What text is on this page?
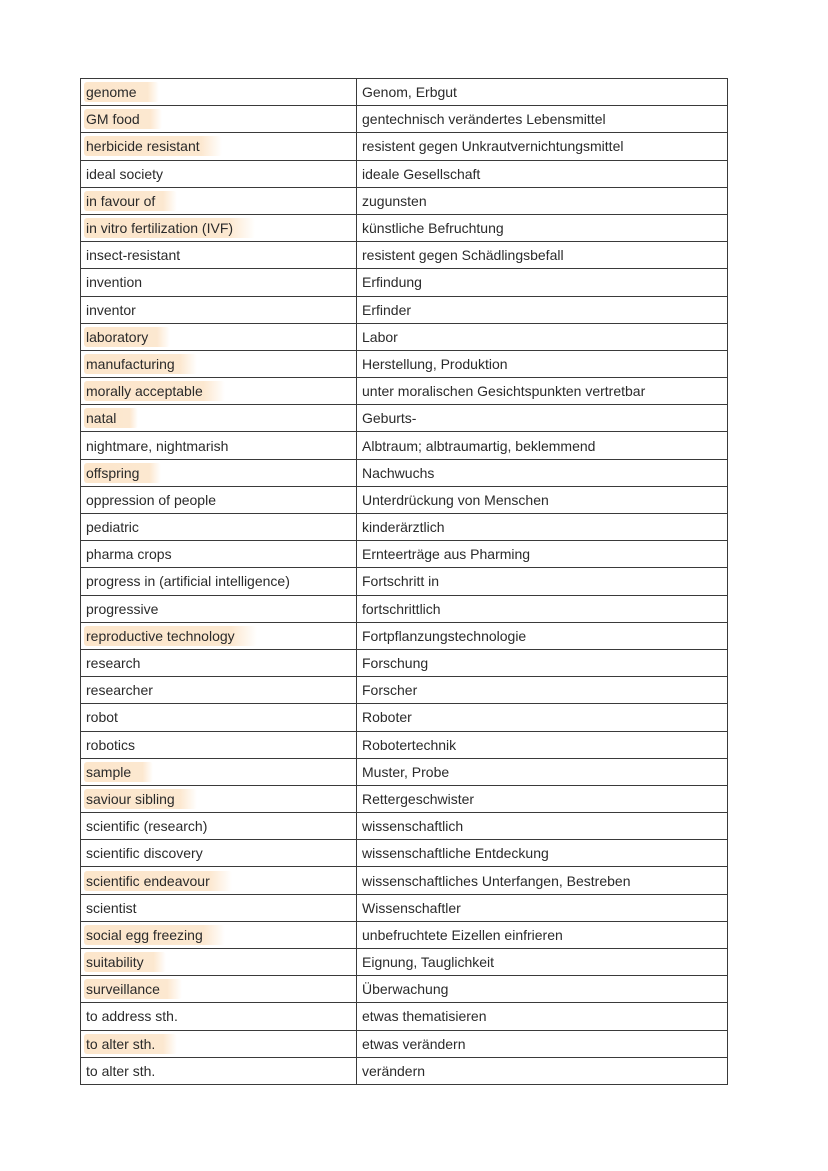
genome	Genom, Erbgut
GM food	gentechnisch verändertes Lebensmittel
herbicide resistant	resistent gegen Unkrautvernichtungsmittel
ideal society	ideale Gesellschaft
in favour of	zugunsten
in vitro fertilization (IVF)	künstliche Befruchtung
insect-resistant	resistent gegen Schädlingsbefall
invention	Erfindung
inventor	Erfinder
laboratory	Labor
manufacturing	Herstellung, Produktion
morally acceptable	unter moralischen Gesichtspunkten vertretbar
natal	Geburts-
nightmare, nightmarish	Albtraum; albtraumartig, beklemmend
offspring	Nachwuchs
oppression of people	Unterdrückung von Menschen
pediatric	kinderärztlich
pharma crops	Ernteerträge aus Pharming
progress in (artificial intelligence)	Fortschritt in
progressive	fortschrittlich
reproductive technology	Fortpflanzungstechnologie
research	Forschung
researcher	Forscher
robot	Roboter
robotics	Robotertechnik
sample	Muster, Probe
saviour sibling	Rettergeschwister
scientific (research)	wissenschaftlich
scientific discovery	wissenschaftliche Entdeckung
scientific endeavour	wissenschaftliches Unterfangen, Bestreben
scientist	Wissenschaftler
social egg freezing	unbefruchtete Eizellen einfrieren
suitability	Eignung, Tauglichkeit
surveillance	Überwachung
to address sth.	etwas thematisieren
to alter sth.	etwas verändern
to alter sth.	verändern
